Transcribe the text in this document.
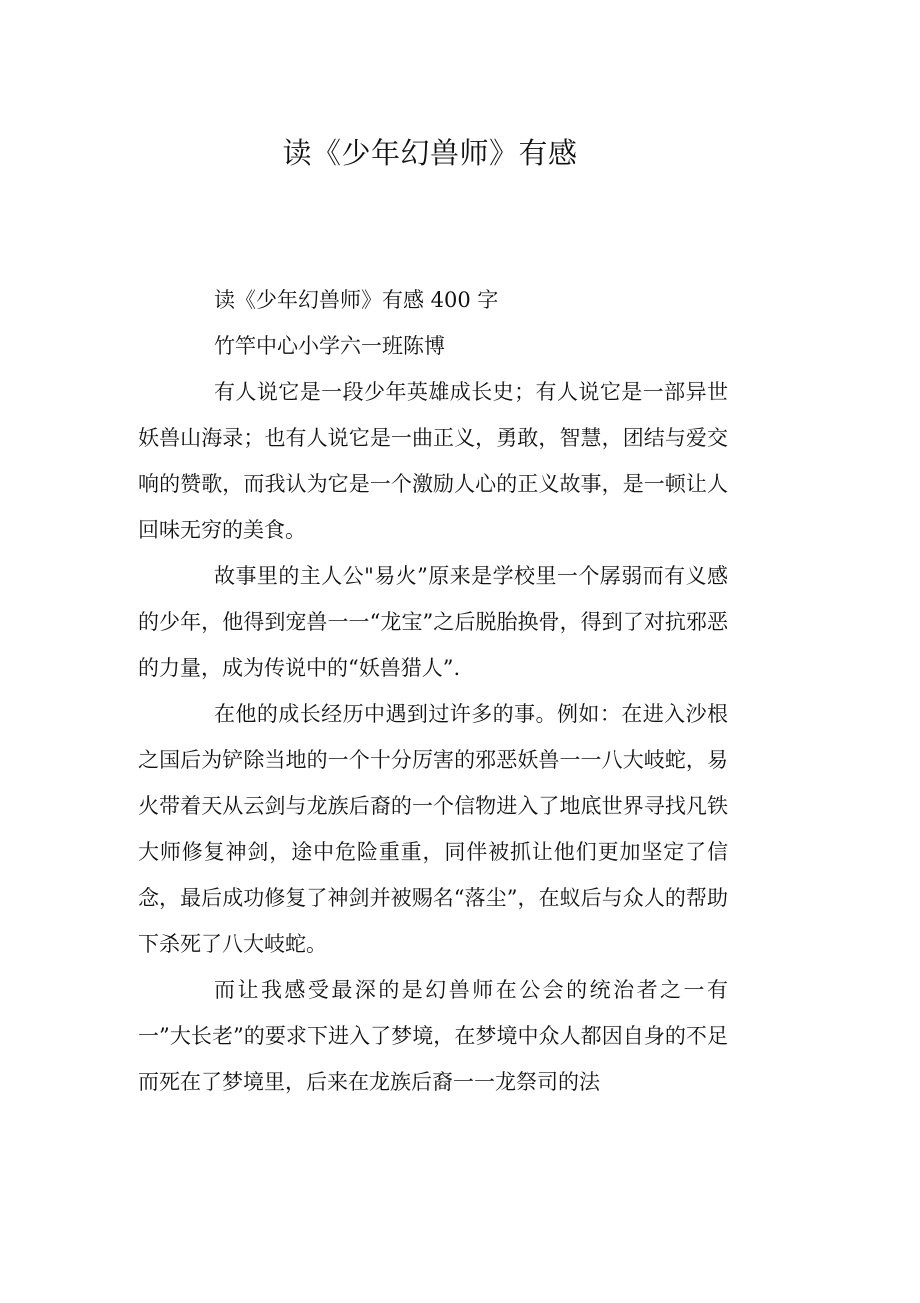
读《少年幻兽师》有感

读《少年幻兽师》有感 400 字

竹竿中心小学六一班陈博

有人说它是一段少年英雄成长史；有人说它是一部异世妖兽山海录；也有人说它是一曲正义，勇敢，智慧，团结与爱交响的赞歌，而我认为它是一个激励人心的正义故事，是一顿让人回味无穷的美食。

故事里的主人公"易火”原来是学校里一个孱弱而有义感的少年，他得到宠兽一一“龙宝”之后脱胎换骨，得到了对抗邪恶的力量，成为传说中的“妖兽猎人”.

在他的成长经历中遇到过许多的事。例如：在进入沙根之国后为铲除当地的一个十分厉害的邪恶妖兽一一八大岐蛇，易火带着天从云剑与龙族后裔的一个信物进入了地底世界寻找凡铁大师修复神剑，途中危险重重，同伴被抓让他们更加坚定了信念，最后成功修复了神剑并被赐名“落尘”，在蚁后与众人的帮助下杀死了八大岐蛇。

而让我感受最深的是幻兽师在公会的统治者之一有一”大长老”的要求下进入了梦境，在梦境中众人都因自身的不足而死在了梦境里，后来在龙族后裔一一龙祭司的法
